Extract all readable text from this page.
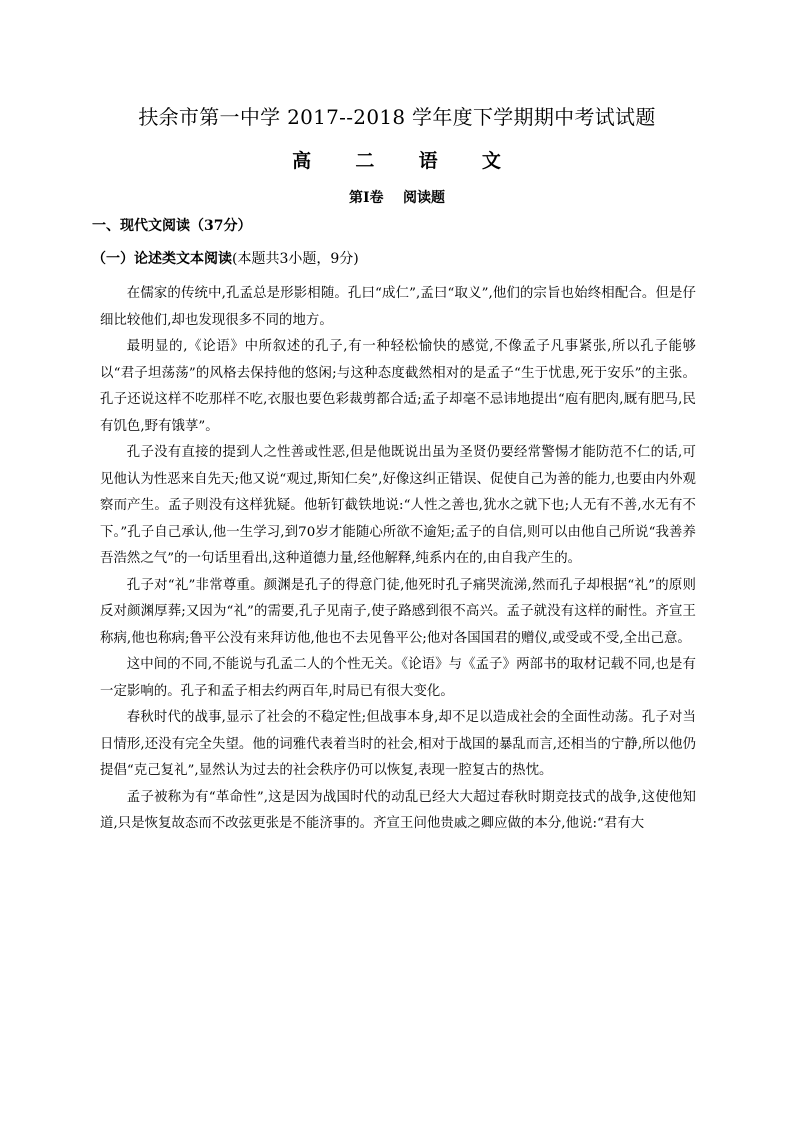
扶余市第一中学 2017--2018 学年度下学期期中考试试题
高  二  语  文
第Ⅰ卷    阅读题
一、现代文阅读（37分）
（一）论述类文本阅读(本题共3小题，9分)

在儒家的传统中,孔孟总是形影相随。孔曰“成仁”,孟曰“取义”,他们的宗旨也始终相配合。但是仔细比较他们,却也发现很多不同的地方。

最明显的,《论语》中所叙述的孔子,有一种轻松愉快的感觉,不像孟子凡事紧张,所以孔子能够以“君子坦荡荡”的风格去保持他的悠闲;与这种态度截然相对的是孟子“生于忧患,死于安乐”的主张。孔子还说这样不吃那样不吃,衣服也要色彩裁剪都合适;孟子却毫不忌讳地提出“庖有肥肉,厩有肥马,民有饥色,野有饿莩”。

孔子没有直接的提到人之性善或性恶,但是他既说出虽为圣贤仍要经常警惕才能防范不仁的话,可见他认为性恶来自先天;他又说“观过,斯知仁矣”,好像这纠正错误、促使自己为善的能力,也要由内外观察而产生。孟子则没有这样犹疑。他斩钉截铁地说:“人性之善也,犹水之就下也;人无有不善,水无有不下。”孔子自己承认,他一生学习,到70岁才能随心所欲不逾矩;孟子的自信,则可以由他自己所说“我善养吾浩然之气”的一句话里看出,这种道德力量,经他解释,纯系内在的,由自我产生的。

孔子对“礼”非常尊重。颜渊是孔子的得意门徒,他死时孔子痛哭流涕,然而孔子却根据“礼”的原则反对颜渊厚葬;又因为“礼”的需要,孔子见南子,使子路感到很不高兴。孟子就没有这样的耐性。齐宣王称病,他也称病;鲁平公没有来拜访他,他也不去见鲁平公;他对各国国君的赠仪,或受或不受,全出己意。

这中间的不同,不能说与孔孟二人的个性无关。《论语》与《孟子》两部书的取材记载不同,也是有一定影响的。孔子和孟子相去约两百年,时局已有很大变化。

春秋时代的战事,显示了社会的不稳定性;但战事本身,却不足以造成社会的全面性动荡。孔子对当日情形,还没有完全失望。他的词雅代表着当时的社会,相对于战国的暴乱而言,还相当的宁静,所以他仍提倡“克己复礼”,显然认为过去的社会秩序仍可以恢复,表现一腔复古的热忱。

孟子被称为有“革命性”,这是因为战国时代的动乱已经大大超过春秋时期竞技式的战争,这使他知道,只是恢复故态而不改弦更张是不能济事的。齐宣王问他贵戚之卿应做的本分,他说:“君有大
